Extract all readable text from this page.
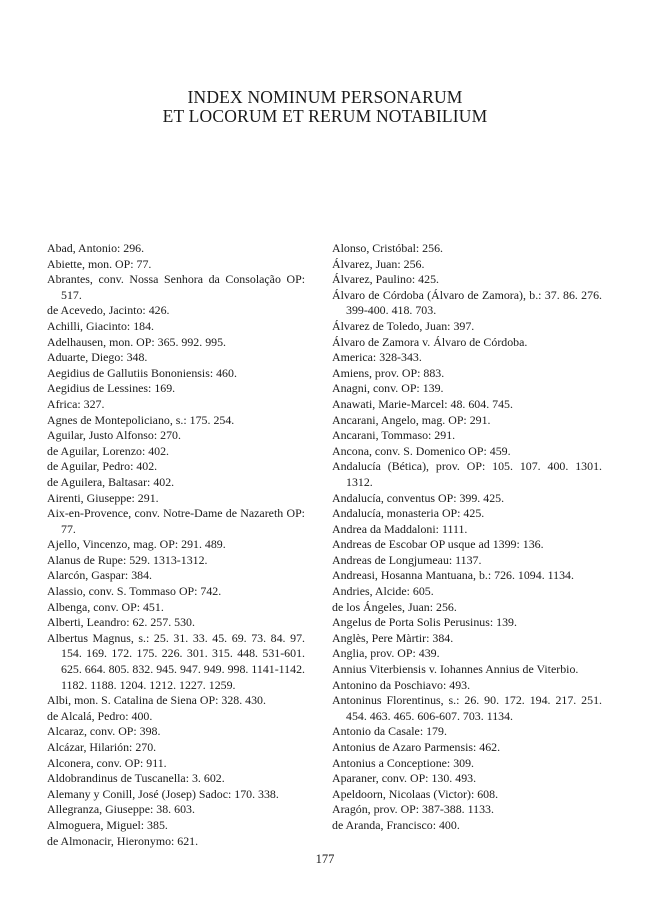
INDEX NOMINUM PERSONARUM
ET LOCORUM ET RERUM NOTABILIUM
Abad, Antonio: 296.
Abiette, mon. OP: 77.
Abrantes, conv. Nossa Senhora da Consolação OP: 517.
de Acevedo, Jacinto: 426.
Achilli, Giacinto: 184.
Adelhausen, mon. OP: 365. 992. 995.
Aduarte, Diego: 348.
Aegidius de Gallutiis Bononiensis: 460.
Aegidius de Lessines: 169.
Africa: 327.
Agnes de Montepoliciano, s.: 175. 254.
Aguilar, Justo Alfonso: 270.
de Aguilar, Lorenzo: 402.
de Aguilar, Pedro: 402.
de Aguilera, Baltasar: 402.
Airenti, Giuseppe: 291.
Aix-en-Provence, conv. Notre-Dame de Nazareth OP: 77.
Ajello, Vincenzo, mag. OP: 291. 489.
Alanus de Rupe: 529. 1313-1312.
Alarcón, Gaspar: 384.
Alassio, conv. S. Tommaso OP: 742.
Albenga, conv. OP: 451.
Alberti, Leandro: 62. 257. 530.
Albertus Magnus, s.: 25. 31. 33. 45. 69. 73. 84. 97. 154. 169. 172. 175. 226. 301. 315. 448. 531-601. 625. 664. 805. 832. 945. 947. 949. 998. 1141-1142. 1182. 1188. 1204. 1212. 1227. 1259.
Albi, mon. S. Catalina de Siena OP: 328. 430.
de Alcalá, Pedro: 400.
Alcaraz, conv. OP: 398.
Alcázar, Hilarión: 270.
Alconera, conv. OP: 911.
Aldobrandinus de Tuscanella: 3. 602.
Alemany y Conill, José (Josep) Sadoc: 170. 338.
Allegranza, Giuseppe: 38. 603.
Almoguera, Miguel: 385.
de Almonacir, Hieronymo: 621.
Alonso, Cristóbal: 256.
Álvarez, Juan: 256.
Álvarez, Paulino: 425.
Álvaro de Córdoba (Álvaro de Zamora), b.: 37. 86. 276. 399-400. 418. 703.
Álvarez de Toledo, Juan: 397.
Álvaro de Zamora v. Álvaro de Córdoba.
America: 328-343.
Amiens, prov. OP: 883.
Anagni, conv. OP: 139.
Anawati, Marie-Marcel: 48. 604. 745.
Ancarani, Angelo, mag. OP: 291.
Ancarani, Tommaso: 291.
Ancona, conv. S. Domenico OP: 459.
Andalucía (Bética), prov. OP: 105. 107. 400. 1301. 1312.
Andalucía, conventus OP: 399. 425.
Andalucía, monasteria OP: 425.
Andrea da Maddaloni: 1111.
Andreas de Escobar OP usque ad 1399: 136.
Andreas de Longjumeau: 1137.
Andreasi, Hosanna Mantuana, b.: 726. 1094. 1134.
Andries, Alcide: 605.
de los Ángeles, Juan: 256.
Angelus de Porta Solis Perusinus: 139.
Anglès, Pere Màrtir: 384.
Anglia, prov. OP: 439.
Annius Viterbiensis v. Iohannes Annius de Viterbio.
Antonino da Poschiavo: 493.
Antoninus Florentinus, s.: 26. 90. 172. 194. 217. 251. 454. 463. 465. 606-607. 703. 1134.
Antonio da Casale: 179.
Antonius de Azaro Parmensis: 462.
Antonius a Conceptione: 309.
Aparaner, conv. OP: 130. 493.
Apeldoorn, Nicolaas (Victor): 608.
Aragón, prov. OP: 387-388. 1133.
de Aranda, Francisco: 400.
177
